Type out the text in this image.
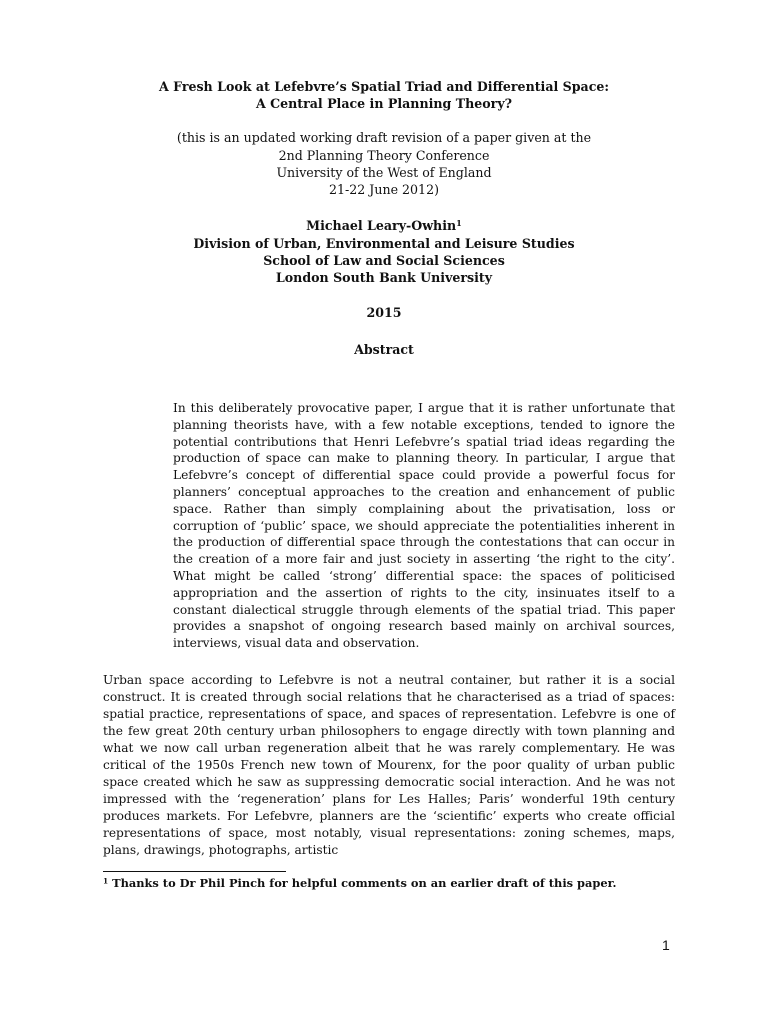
A Fresh Look at Lefebvre’s Spatial Triad and Differential Space:
A Central Place in Planning Theory?
(this is an updated working draft revision of a paper given at the
2nd Planning Theory Conference
University of the West of England
21-22 June 2012)
Michael Leary-Owhin$^1$
Division of Urban, Environmental and Leisure Studies
School of Law and Social Sciences
London South Bank University
2015
Abstract

In this deliberately provocative paper, I argue that it is rather unfortunate that planning theorists have, with a few notable exceptions, tended to ignore the potential contributions that Henri Lefebvre’s spatial triad ideas regarding the production of space can make to planning theory. In particular, I argue that Lefebvre’s concept of differential space could provide a powerful focus for planners’ conceptual approaches to the creation and enhancement of public space. Rather than simply complaining about the privatisation, loss or corruption of ‘public’ space, we should appreciate the potentialities inherent in the production of differential space through the contestations that can occur in the creation of a more fair and just society in asserting ‘the right to the city’. What might be called ‘strong’ differential space: the spaces of politicised appropriation and the assertion of rights to the city, insinuates itself to a constant dialectical struggle through elements of the spatial triad. This paper provides a snapshot of ongoing research based mainly on archival sources, interviews, visual data and observation.

Urban space according to Lefebvre is not a neutral container, but rather it is a social construct. It is created through social relations that he characterised as a triad of spaces: spatial practice, representations of space, and spaces of representation. Lefebvre is one of the few great 20th century urban philosophers to engage directly with town planning and what we now call urban regeneration albeit that he was rarely complementary. He was critical of the 1950s French new town of Mourenx, for the poor quality of urban public space created which he saw as suppressing democratic social interaction. And he was not impressed with the ‘regeneration’ plans for Les Halles; Paris’ wonderful 19th century produces markets. For Lefebvre, planners are the ‘scientific’ experts who create official representations of space, most notably, visual representations: zoning schemes, maps, plans, drawings, photographs, artistic

$^1$ Thanks to Dr Phil Pinch for helpful comments on an earlier draft of this paper.
1
